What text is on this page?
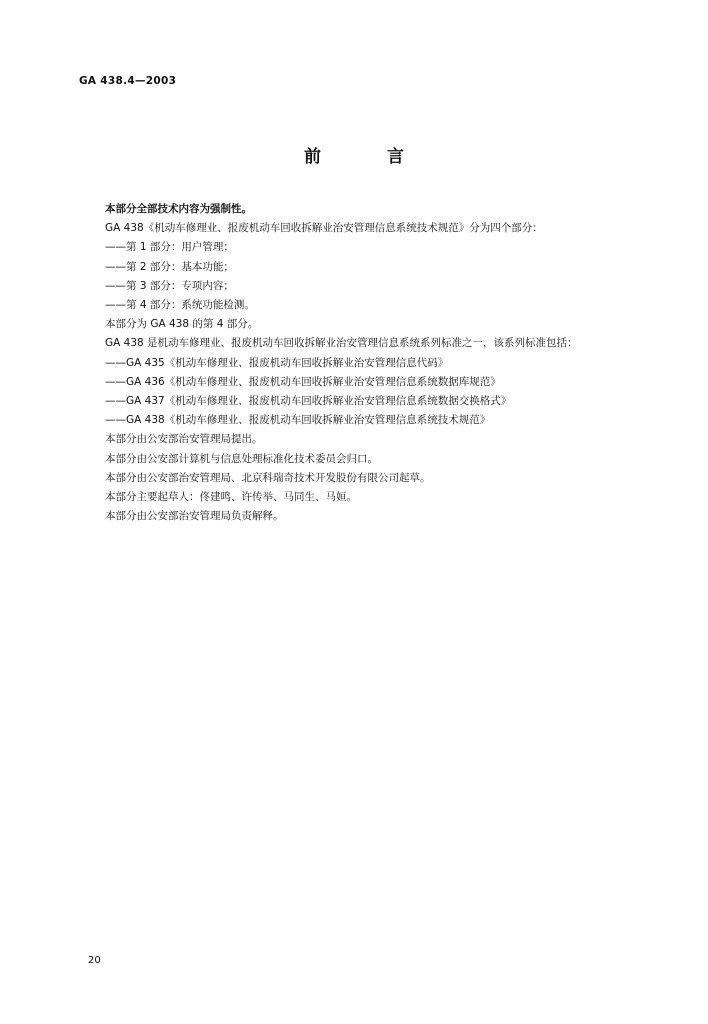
GA 438.4—2003
前 言

本部分全部技术内容为强制性。

GA 438《机动车修理业、报废机动车回收拆解业治安管理信息系统技术规范》分为四个部分：

——第 1 部分：用户管理；

——第 2 部分：基本功能；

——第 3 部分：专项内容；

——第 4 部分：系统功能检测。

本部分为 GA 438 的第 4 部分。

GA 438 是机动车修理业、报废机动车回收拆解业治安管理信息系统系列标准之一，该系列标准包括：

——GA 435《机动车修理业、报废机动车回收拆解业治安管理信息代码》

——GA 436《机动车修理业、报废机动车回收拆解业治安管理信息系统数据库规范》

——GA 437《机动车修理业、报废机动车回收拆解业治安管理信息系统数据交换格式》

——GA 438《机动车修理业、报废机动车回收拆解业治安管理信息系统技术规范》

本部分由公安部治安管理局提出。

本部分由公安部计算机与信息处理标准化技术委员会归口。

本部分由公安部治安管理局、北京科瑞奇技术开发股份有限公司起草。

本部分主要起草人：佟建鸣、许传举、马同生、马姮。

本部分由公安部治安管理局负责解释。

20
